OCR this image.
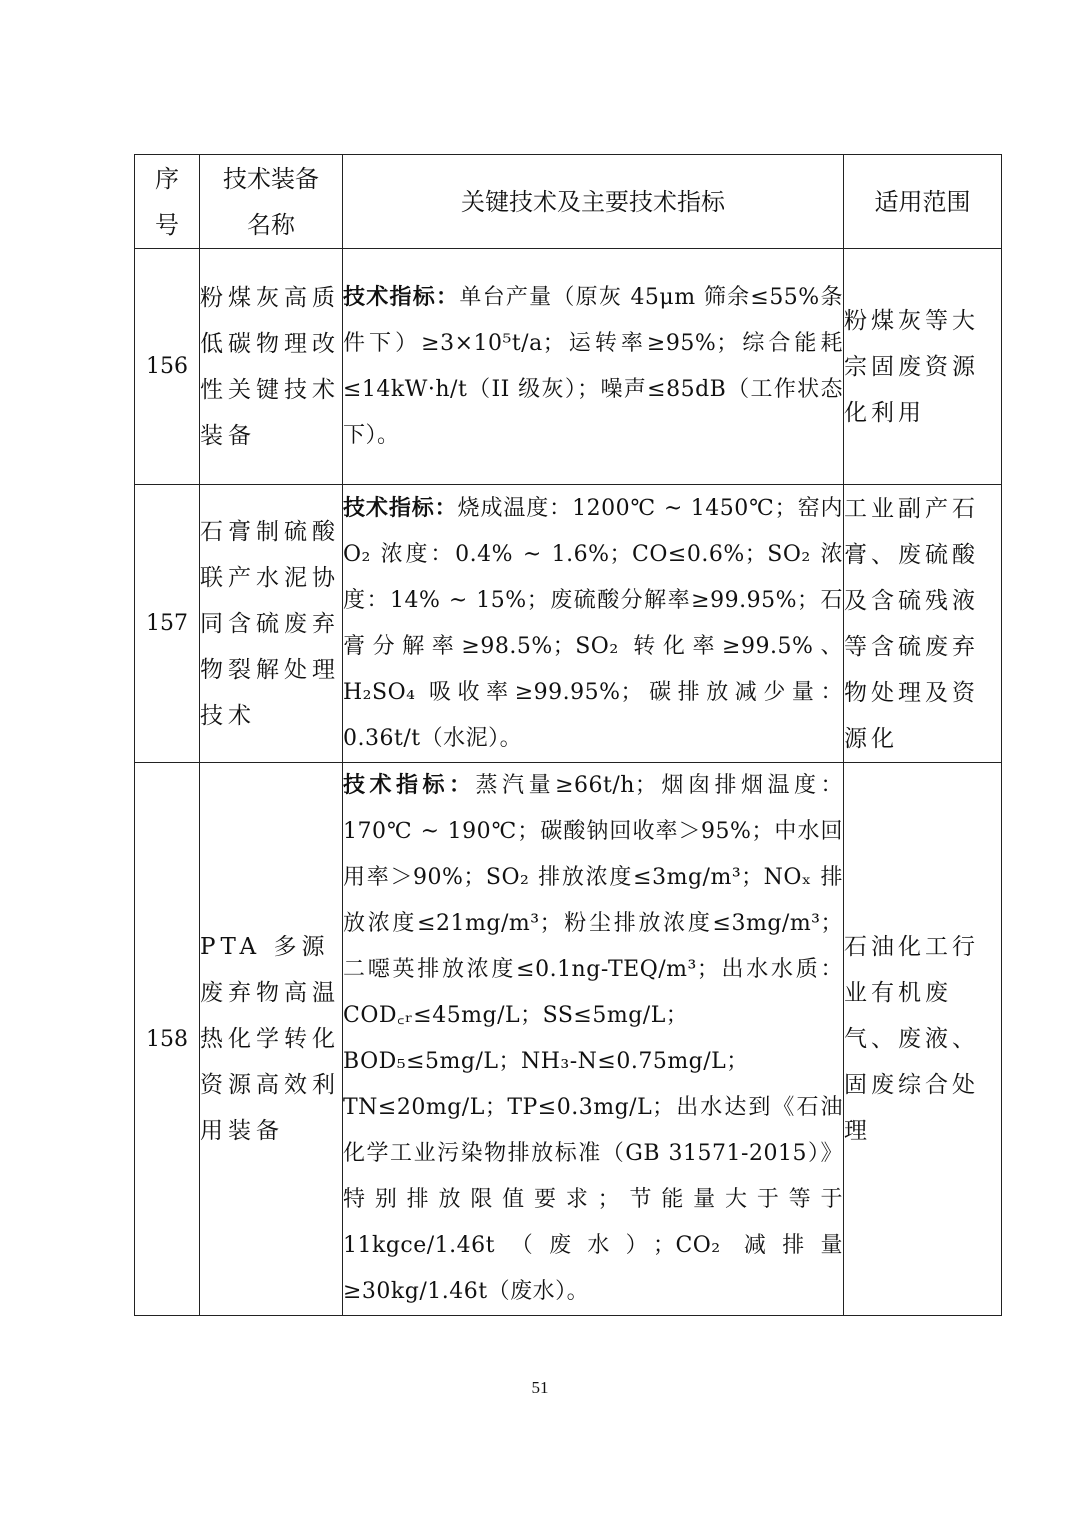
序号	技术装备名称	关键技术及主要技术指标	适用范围
156	粉煤灰高质低碳物理改性关键技术装备	技术指标：单台产量（原灰 45μm 筛余≤55%条件下）≥3×10⁵t/a；运转率≥95%；综合能耗≤14kW·h/t（II 级灰）；噪声≤85dB（工作状态下）。	粉煤灰等大宗固废资源化利用
157	石膏制硫酸联产水泥协同含硫废弃物裂解处理技术	技术指标：烧成温度：1200℃ ~ 1450℃；窑内 O₂ 浓度：0.4% ~ 1.6%；CO≤0.6%；SO₂ 浓度：14% ~ 15%；废硫酸分解率≥99.95%；石膏分解率≥98.5%；SO₂ 转化率≥99.5%、H₂SO₄ 吸收率≥99.95%；碳排放减少量：0.36t/t（水泥）。	工业副产石膏、废硫酸及含硫残液等含硫废弃物处理及资源化
158	PTA 多源废弃物高温热化学转化资源高效利用装备	技术指标：蒸汽量≥66t/h；烟囱排烟温度：170℃ ~ 190℃；碳酸钠回收率＞95%；中水回用率＞90%；SO₂ 排放浓度≤3mg/m³；NOₓ 排放浓度≤21mg/m³；粉尘排放浓度≤3mg/m³；二噁英排放浓度≤0.1ng-TEQ/m³；出水水质：COD꜀ᵣ≤45mg/L；SS≤5mg/L；BOD₅≤5mg/L；NH₃-N≤0.75mg/L；TN≤20mg/L；TP≤0.3mg/L；出水达到《石油化学工业污染物排放标准（GB 31571-2015）》特别排放限值要求；节能量大于等于 11kgce/1.46t（废水）；CO₂ 减排量≥30kg/1.46t（废水）。	石油化工行业有机废气、废液、固废综合处理
51
